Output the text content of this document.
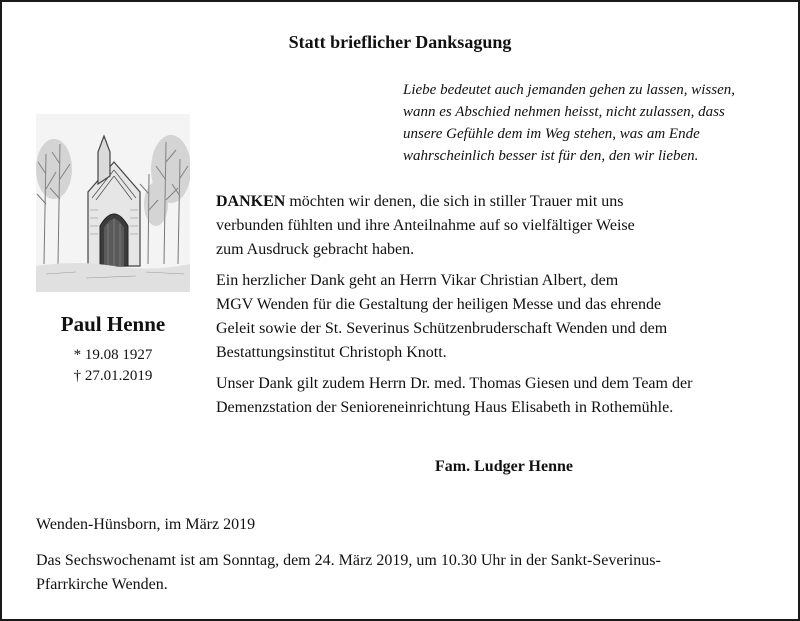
Statt brieflicher Danksagung
Liebe bedeutet auch jemanden gehen zu lassen, wissen,
wann es Abschied nehmen heisst, nicht zulassen, dass
unsere Gefühle dem im Weg stehen, was am Ende
wahrscheinlich besser ist für den, den wir lieben.
Paul Henne
* 19.08 1927
† 27.01.2019

DANKEN möchten wir denen, die sich in stiller Trauer mit uns
verbunden fühlten und ihre Anteilnahme auf so vielfältiger Weise
zum Ausdruck gebracht haben.

Ein herzlicher Dank geht an Herrn Vikar Christian Albert, dem
MGV Wenden für die Gestaltung der heiligen Messe und das ehrende
Geleit sowie der St. Severinus Schützenbruderschaft Wenden und dem
Bestattungsinstitut Christoph Knott.

Unser Dank gilt zudem Herrn Dr. med. Thomas Giesen und dem Team der
Demenzstation der Senioreneinrichtung Haus Elisabeth in Rothemühle.

Fam. Ludger Henne
Wenden-Hünsborn, im März 2019
Das Sechswochenamt ist am Sonntag, dem 24. März 2019, um 10.30 Uhr in der Sankt-Severinus-
Pfarrkirche Wenden.
